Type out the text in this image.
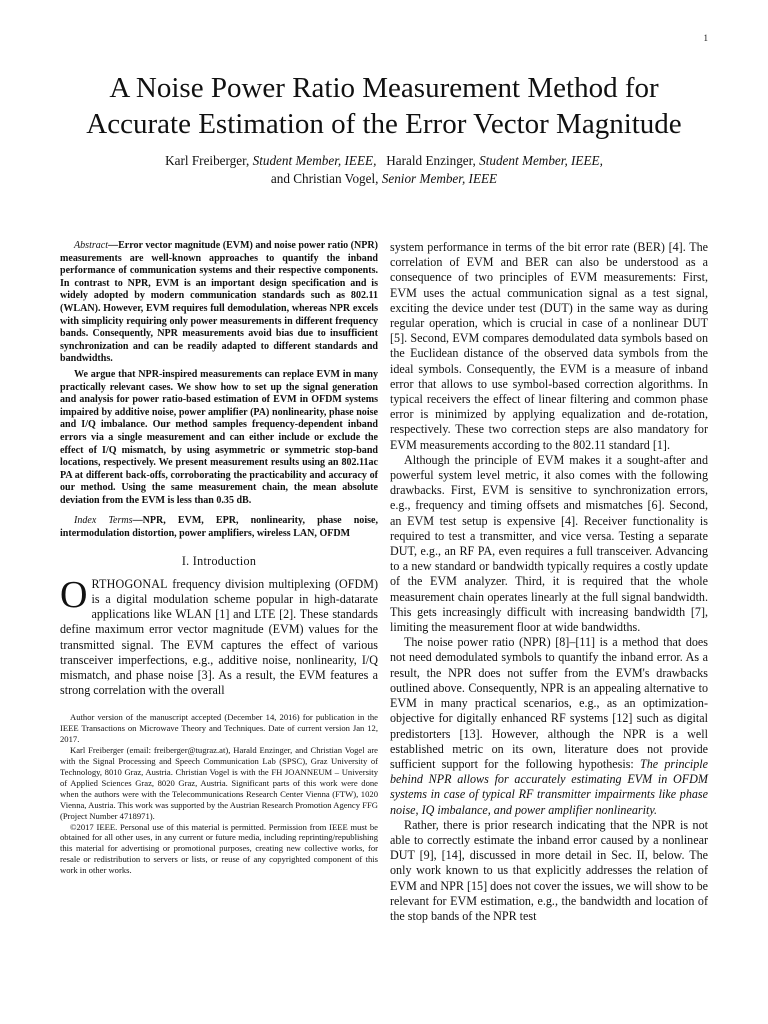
1
A Noise Power Ratio Measurement Method for
Accurate Estimation of the Error Vector Magnitude
Karl Freiberger, Student Member, IEEE, Harald Enzinger, Student Member, IEEE,
and Christian Vogel, Senior Member, IEEE

Abstract—Error vector magnitude (EVM) and noise power ratio (NPR) measurements are well-known approaches to quantify the inband performance of communication systems and their respective components. In contrast to NPR, EVM is an important design specification and is widely adopted by modern communication standards such as 802.11 (WLAN). However, EVM requires full demodulation, whereas NPR excels with simplicity requiring only power measurements in different frequency bands. Consequently, NPR measurements avoid bias due to insufficient synchronization and can be readily adapted to different standards and bandwidths.

We argue that NPR-inspired measurements can replace EVM in many practically relevant cases. We show how to set up the signal generation and analysis for power ratio-based estimation of EVM in OFDM systems impaired by additive noise, power amplifier (PA) nonlinearity, phase noise and I/Q imbalance. Our method samples frequency-dependent inband errors via a single measurement and can either include or exclude the effect of I/Q mismatch, by using asymmetric or symmetric stop-band locations, respectively. We present measurement results using an 802.11ac PA at different back-offs, corroborating the practicability and accuracy of our method. Using the same measurement chain, the mean absolute deviation from the EVM is less than 0.35 dB.

Index Terms—NPR, EVM, EPR, nonlinearity, phase noise, intermodulation distortion, power amplifiers, wireless LAN, OFDM

I. Introduction

ORTHOGONAL frequency division multiplexing (OFDM) is a digital modulation scheme popular in high-datarate applications like WLAN [1] and LTE [2]. These standards define maximum error vector magnitude (EVM) values for the transmitted signal. The EVM captures the effect of various transceiver imperfections, e.g., additive noise, nonlinearity, I/Q mismatch, and phase noise [3]. As a result, the EVM features a strong correlation with the overall

Author version of the manuscript accepted (December 14, 2016) for publication in the IEEE Transactions on Microwave Theory and Techniques. Date of current version Jan 12, 2017.

Karl Freiberger (email: freiberger@tugraz.at), Harald Enzinger, and Christian Vogel are with the Signal Processing and Speech Communication Lab (SPSC), Graz University of Technology, 8010 Graz, Austria. Christian Vogel is with the FH JOANNEUM – University of Applied Sciences Graz, 8020 Graz, Austria. Significant parts of this work were done when the authors were with the Telecommunications Research Center Vienna (FTW), 1020 Vienna, Austria. This work was supported by the Austrian Research Promotion Agency FFG (Project Number 4718971).

©2017 IEEE. Personal use of this material is permitted. Permission from IEEE must be obtained for all other uses, in any current or future media, including reprinting/republishing this material for advertising or promotional purposes, creating new collective works, for resale or redistribution to servers or lists, or reuse of any copyrighted component of this work in other works.

system performance in terms of the bit error rate (BER) [4]. The correlation of EVM and BER can also be understood as a consequence of two principles of EVM measurements: First, EVM uses the actual communication signal as a test signal, exciting the device under test (DUT) in the same way as during regular operation, which is crucial in case of a nonlinear DUT [5]. Second, EVM compares demodulated data symbols based on the Euclidean distance of the observed data symbols from the ideal symbols. Consequently, the EVM is a measure of inband error that allows to use symbol-based correction algorithms. In typical receivers the effect of linear filtering and common phase error is minimized by applying equalization and de-rotation, respectively. These two correction steps are also mandatory for EVM measurements according to the 802.11 standard [1].

Although the principle of EVM makes it a sought-after and powerful system level metric, it also comes with the following drawbacks. First, EVM is sensitive to synchronization errors, e.g., frequency and timing offsets and mismatches [6]. Second, an EVM test setup is expensive [4]. Receiver functionality is required to test a transmitter, and vice versa. Testing a separate DUT, e.g., an RF PA, even requires a full transceiver. Advancing to a new standard or bandwidth typically requires a costly update of the EVM analyzer. Third, it is required that the whole measurement chain operates linearly at the full signal bandwidth. This gets increasingly difficult with increasing bandwidth [7], limiting the measurement floor at wide bandwidths.

The noise power ratio (NPR) [8]–[11] is a method that does not need demodulated symbols to quantify the inband error. As a result, the NPR does not suffer from the EVM's drawbacks outlined above. Consequently, NPR is an appealing alternative to EVM in many practical scenarios, e.g., as an optimization-objective for digitally enhanced RF systems [12] such as digital predistorters [13]. However, although the NPR is a well established metric on its own, literature does not provide sufficient support for the following hypothesis: The principle behind NPR allows for accurately estimating EVM in OFDM systems in case of typical RF transmitter impairments like phase noise, IQ imbalance, and power amplifier nonlinearity.

Rather, there is prior research indicating that the NPR is not able to correctly estimate the inband error caused by a nonlinear DUT [9], [14], discussed in more detail in Sec. II, below. The only work known to us that explicitly addresses the relation of EVM and NPR [15] does not cover the issues, we will show to be relevant for EVM estimation, e.g., the bandwidth and location of the stop bands of the NPR test
